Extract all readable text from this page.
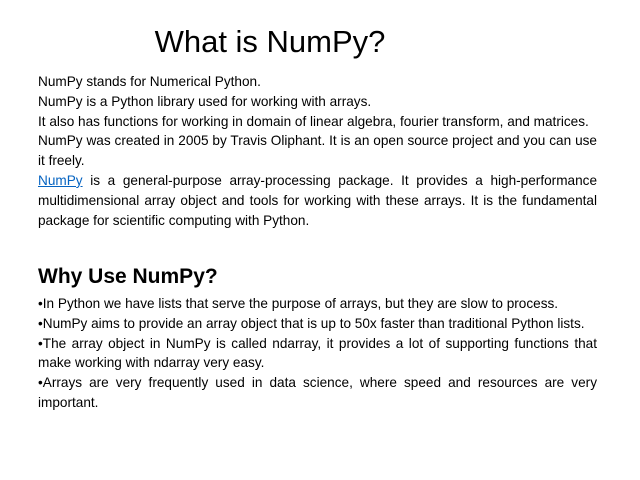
What is NumPy?

NumPy stands for Numerical Python.

NumPy is a Python library used for working with arrays.

It also has functions for working in domain of linear algebra, fourier transform, and matrices.

NumPy was created in 2005 by Travis Oliphant. It is an open source project and you can use it freely.

NumPy is a general-purpose array-processing package. It provides a high-performance multidimensional array object and tools for working with these arrays. It is the fundamental package for scientific computing with Python.

Why Use NumPy?

•In Python we have lists that serve the purpose of arrays, but they are slow to process.

•NumPy aims to provide an array object that is up to 50x faster than traditional Python lists.

•The array object in NumPy is called ndarray, it provides a lot of supporting functions that make working with ndarray very easy.

•Arrays are very frequently used in data science, where speed and resources are very important.
